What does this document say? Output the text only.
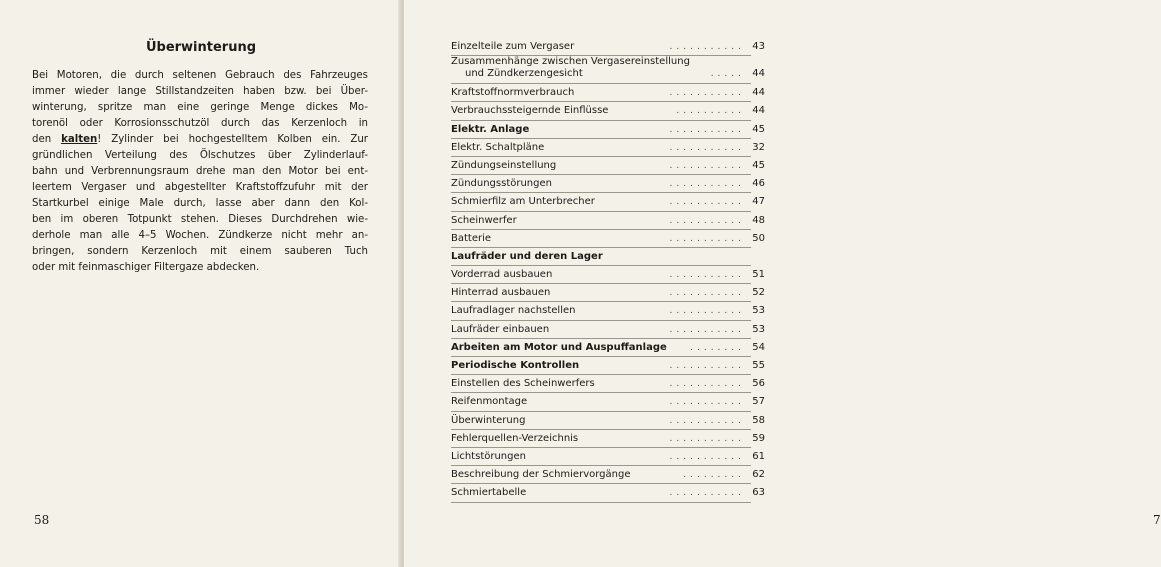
Überwinterung
Bei Motoren, die durch seltenen Gebrauch des Fahrzeuges
immer wieder lange Stillstandzeiten haben bzw. bei Über-
winterung, spritze man eine geringe Menge dickes Mo-
torenöl oder Korrosionsschutzöl durch das Kerzenloch in
den kalten! Zylinder bei hochgestelltem Kolben ein. Zur
gründlichen Verteilung des Ölschutzes über Zylinderlauf-
bahn und Verbrennungsraum drehe man den Motor bei ent-
leertem Vergaser und abgestellter Kraftstoffzufuhr mit der
Startkurbel einige Male durch, lasse aber dann den Kol-
ben im oberen Totpunkt stehen. Dieses Durchdrehen wie-
derhole man alle 4–5 Wochen. Zündkerze nicht mehr an-
bringen, sondern Kerzenloch mit einem sauberen Tuch
oder mit feinmaschiger Filtergaze abdecken.
58	7
Einzelteile zum Vergaser	........... 43
Zusammenhänge zwischen Vergasereinstellung
und Zündkerzengesicht	..... 44
Kraftstoffnormverbrauch	........... 44
Verbrauchssteigernde Einflüsse	.......... 44
Elektr. Anlage	........... 45
Elektr. Schaltpläne	........... 32
Zündungseinstellung	........... 45
Zündungsstörungen	........... 46
Schmierfilz am Unterbrecher	........... 47
Scheinwerfer	........... 48
Batterie	........... 50
Laufräder und deren Lager
Vorderrad ausbauen	........... 51
Hinterrad ausbauen	........... 52
Laufradlager nachstellen	........... 53
Laufräder einbauen	........... 53
Arbeiten am Motor und Auspuffanlage	........ 54
Periodische Kontrollen	........... 55
Einstellen des Scheinwerfers	........... 56
Reifenmontage	........... 57
Überwinterung	........... 58
Fehlerquellen-Verzeichnis	........... 59
Lichtstörungen	........... 61
Beschreibung der Schmiervorgänge	......... 62
Schmiertabelle	........... 63
